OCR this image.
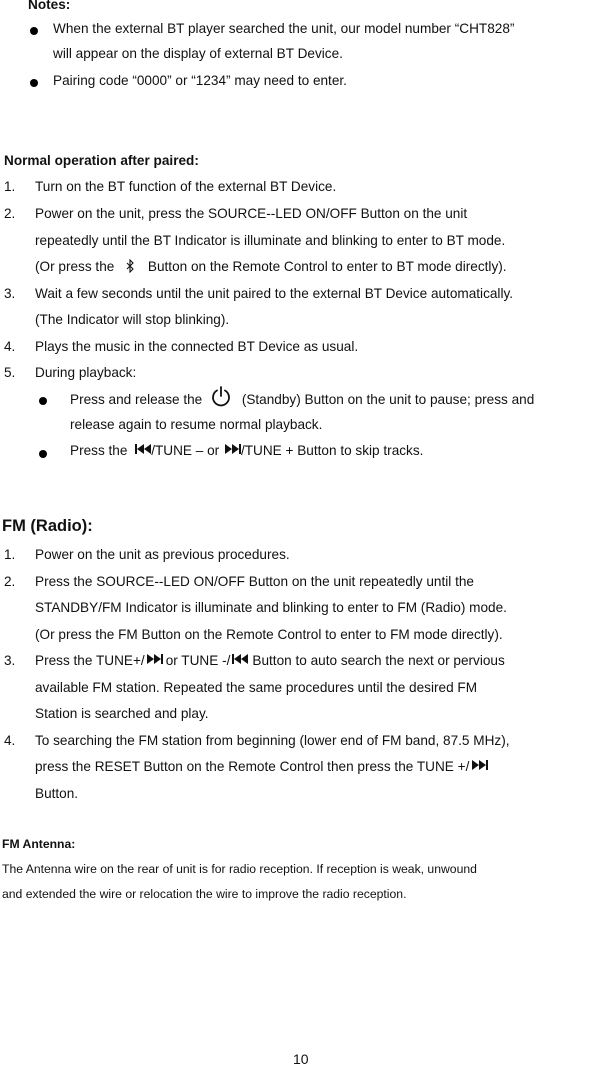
Notes:
When the external BT player searched the unit, our model number “CHT828”
will appear on the display of external BT Device.
Pairing code “0000” or “1234” may need to enter.
Normal operation after paired:
1. Turn on the BT function of the external BT Device.
2. Power on the unit, press the SOURCE--LED ON/OFF Button on the unit
repeatedly until the BT Indicator is illuminate and blinking to enter to BT mode.
(Or press the Button on the Remote Control to enter to BT mode directly).
3. Wait a few seconds until the unit paired to the external BT Device automatically.
(The Indicator will stop blinking).
4. Plays the music in the connected BT Device as usual.
5. During playback:
Press and release the	(Standby) Button on the unit to pause; press and
release again to resume normal playback.
Press the /TUNE – or /TUNE + Button to skip tracks.
FM (Radio):
1. Power on the unit as previous procedures.
2. Press the SOURCE--LED ON/OFF Button on the unit repeatedly until the
STANDBY/FM Indicator is illuminate and blinking to enter to FM (Radio) mode.
(Or press the FM Button on the Remote Control to enter to FM mode directly).
3. Press the TUNE+/ or TUNE -/ Button to auto search the next or pervious
available FM station. Repeated the same procedures until the desired FM
Station is searched and play.
4. To searching the FM station from beginning (lower end of FM band, 87.5 MHz),
press the RESET Button on the Remote Control then press the TUNE +/
Button.
FM Antenna:
The Antenna wire on the rear of unit is for radio reception. If reception is weak, unwound
and extended the wire or relocation the wire to improve the radio reception.
10
